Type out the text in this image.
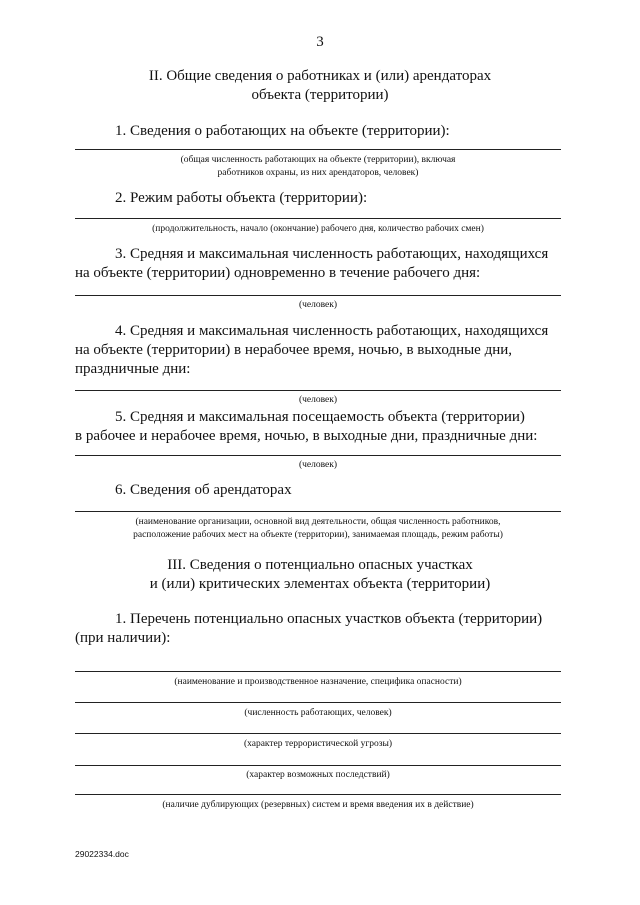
3
II. Общие сведения о работниках и (или) арендаторах
объекта (территории)
1. Сведения о работающих на объекте (территории):
(общая численность работающих на объекте (территории), включая
работников охраны, из них арендаторов, человек)
2. Режим работы объекта (территории):
(продолжительность, начало (окончание) рабочего дня, количество рабочих смен)
3. Средняя и максимальная численность работающих, находящихся
на объекте (территории) одновременно в течение рабочего дня:
(человек)
4. Средняя и максимальная численность работающих, находящихся
на объекте (территории) в нерабочее время, ночью, в выходные дни,
праздничные дни:
(человек)
5. Средняя и максимальная посещаемость объекта (территории)
в рабочее и нерабочее время, ночью, в выходные дни, праздничные дни:
(человек)
6. Сведения об арендаторах
(наименование организации, основной вид деятельности, общая численность работников,
расположение рабочих мест на объекте (территории), занимаемая площадь, режим работы)
III. Сведения о потенциально опасных участках
и (или) критических элементах объекта (территории)
1. Перечень потенциально опасных участков объекта (территории)
(при наличии):
(наименование и производственное назначение, специфика опасности)
(численность работающих, человек)
(характер террористической угрозы)
(характер возможных последствий)
(наличие дублирующих (резервных) систем и время введения их в действие)
29022334.doc
